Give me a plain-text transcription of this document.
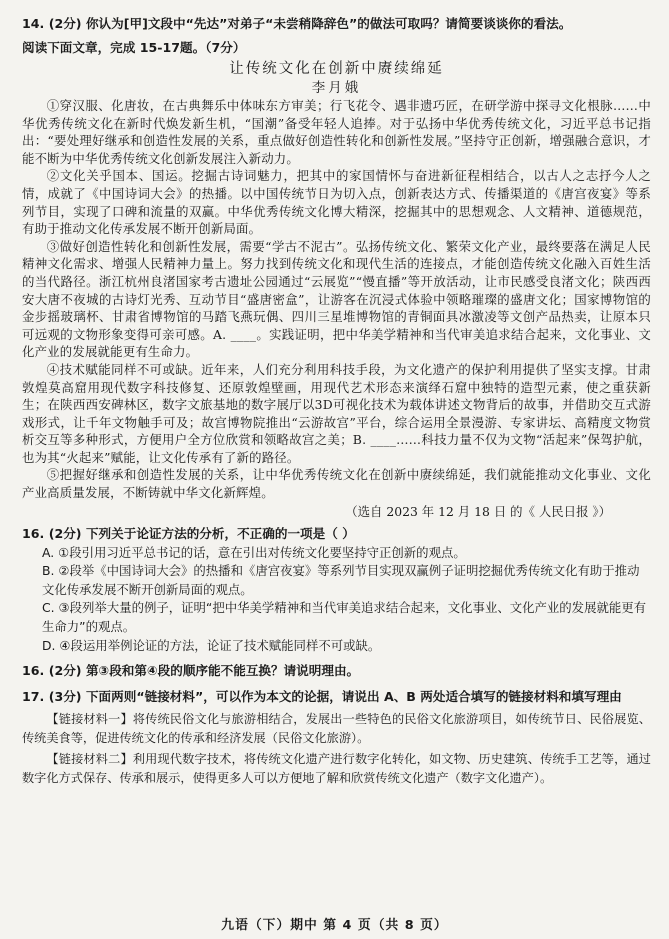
14. (2分) 你认为[甲]文段中“先达”对弟子“未尝稍降辞色”的做法可取吗？请简要谈谈你的看法。
阅读下面文章，完成 15-17题。（7分）
让传统文化在创新中赓续绵延
李月娥
①穿汉服、化唐妆，在古典舞乐中体味东方审美；行飞花令、遇非遗巧匠，在研学游中探寻文化根脉……中华优秀传统文化在新时代焕发新生机，“国潮”备受年轻人追捧。对于弘扬中华优秀传统文化，习近平总书记指出：“要处理好继承和创造性发展的关系，重点做好创造性转化和创新性发展。”坚持守正创新，增强融合意识，才能不断为中华优秀传统文化创新发展注入新动力。
②文化关乎国本、国运。挖掘古诗词魅力，把其中的家国情怀与奋进新征程相结合，以古人之志抒今人之情，成就了《中国诗词大会》的热播。以中国传统节日为切入点，创新表达方式、传播渠道的《唐宫夜宴》等系列节目，实现了口碑和流量的双赢。中华优秀传统文化博大精深，挖掘其中的思想观念、人文精神、道德规范，有助于推动文化传承发展不断开创新局面。
③做好创造性转化和创新性发展，需要“学古不泥古”。弘扬传统文化、繁荣文化产业，最终要落在满足人民精神文化需求、增强人民精神力量上。努力找到传统文化和现代生活的连接点，才能创造传统文化融入百姓生活的当代路径。浙江杭州良渚国家考古遗址公园通过“云展览”“慢直播”等开放活动，让市民感受良渚文化；陕西西安大唐不夜城的古诗灯光秀、互动节目“盛唐密盒”，让游客在沉浸式体验中领略璀璨的盛唐文化；国家博物馆的金步摇玻璃杯、甘肃省博物馆的马踏飞燕玩偶、四川三星堆博物馆的青铜面具冰激凌等文创产品热卖，让原本只可远观的文物形象变得可亲可感。A. ____。实践证明，把中华美学精神和当代审美追求结合起来，文化事业、文化产业的发展就能更有生命力。
④技术赋能同样不可或缺。近年来，人们充分利用科技手段，为文化遗产的保护利用提供了坚实支撑。甘肃敦煌莫高窟用现代数字科技修复、还原敦煌壁画，用现代艺术形态来演绎石窟中独特的造型元素，使之重获新生；在陕西西安碑林区，数字文旅基地的数字展厅以3D可视化技术为载体讲述文物背后的故事，并借助交互式游戏形式，让千年文物触手可及；故宫博物院推出“云游故宫”平台，综合运用全景漫游、专家讲坛、高精度文物赏析交互等多种形式，方便用户全方位欣赏和领略故宫之美；B. ____……科技力量不仅为文物“活起来”保驾护航，也为其“火起来”赋能，让文化传承有了新的路径。
⑤把握好继承和创造性发展的关系，让中华优秀传统文化在创新中赓续绵延，我们就能推动文化事业、文化产业高质量发展，不断铸就中华文化新辉煌。
（选自 2023 年 12 月 18 日 的《 人民日报 》）
16. (2分) 下列关于论证方法的分析，不正确的一项是（ ）
A. ①段引用习近平总书记的话，意在引出对传统文化要坚持守正创新的观点。
B. ②段举《中国诗词大会》的热播和《唐宫夜宴》等系列节目实现双赢例子证明挖掘优秀传统文化有助于推动文化传承发展不断开创新局面的观点。
C. ③段列举大量的例子，证明“把中华美学精神和当代审美追求结合起来，文化事业、文化产业的发展就能更有生命力”的观点。
D. ④段运用举例论证的方法，论证了技术赋能同样不可或缺。
16. (2分) 第③段和第④段的顺序能不能互换？请说明理由。
17. (3分) 下面两则“链接材料”，可以作为本文的论据，请说出 A、B 两处适合填写的链接材料和填写理由
【链接材料一】将传统民俗文化与旅游相结合，发展出一些特色的民俗文化旅游项目，如传统节日、民俗展览、传统美食等，促进传统文化的传承和经济发展（民俗文化旅游）。
【链接材料二】利用现代数字技术，将传统文化遗产进行数字化转化，如文物、历史建筑、传统手工艺等，通过数字化方式保存、传承和展示，使得更多人可以方便地了解和欣赏传统文化遗产（数字文化遗产）。
九语（下）期中 第 4 页（共 8 页）
